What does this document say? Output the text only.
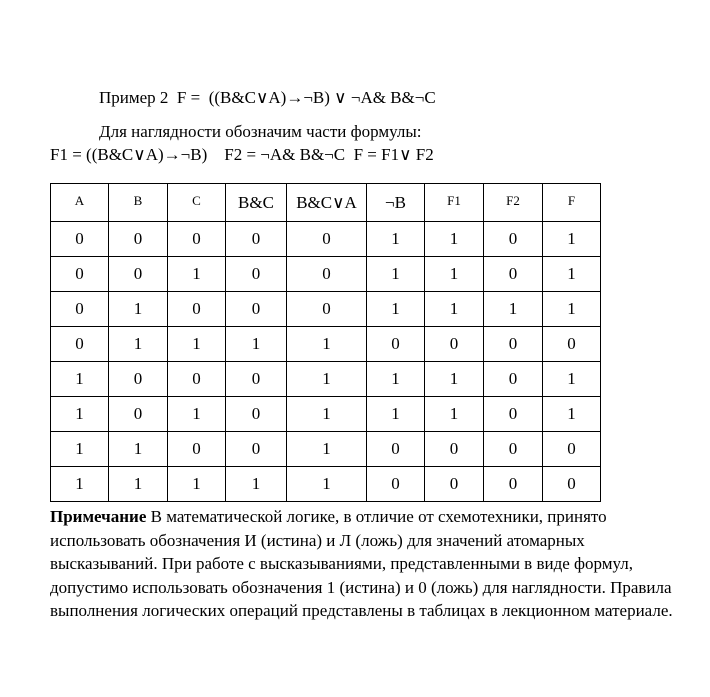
Пример 2  F =  ((B&C∨A)→¬B) ∨ ¬A& B&¬C
Для наглядности обозначим части формулы:
F1 = ((B&C∨A)→¬B)    F2 = ¬A& B&¬C  F = F1∨ F2
A	B	C	B&C	B&C∨A	¬B	F1	F2	F
0	0	0	0	0	1	1	0	1
0	0	1	0	0	1	1	0	1
0	1	0	0	0	1	1	1	1
0	1	1	1	1	0	0	0	0
1	0	0	0	1	1	1	0	1
1	0	1	0	1	1	1	0	1
1	1	0	0	1	0	0	0	0
1	1	1	1	1	0	0	0	0
Примечание В математической логике, в отличие от схемотехники, принято использовать обозначения И (истина) и Л (ложь) для значений атомарных высказываний. При работе с высказываниями, представленными в виде формул, допустимо использовать обозначения 1 (истина) и 0 (ложь) для наглядности. Правила выполнения логических операций представлены в таблицах в лекционном материале.
